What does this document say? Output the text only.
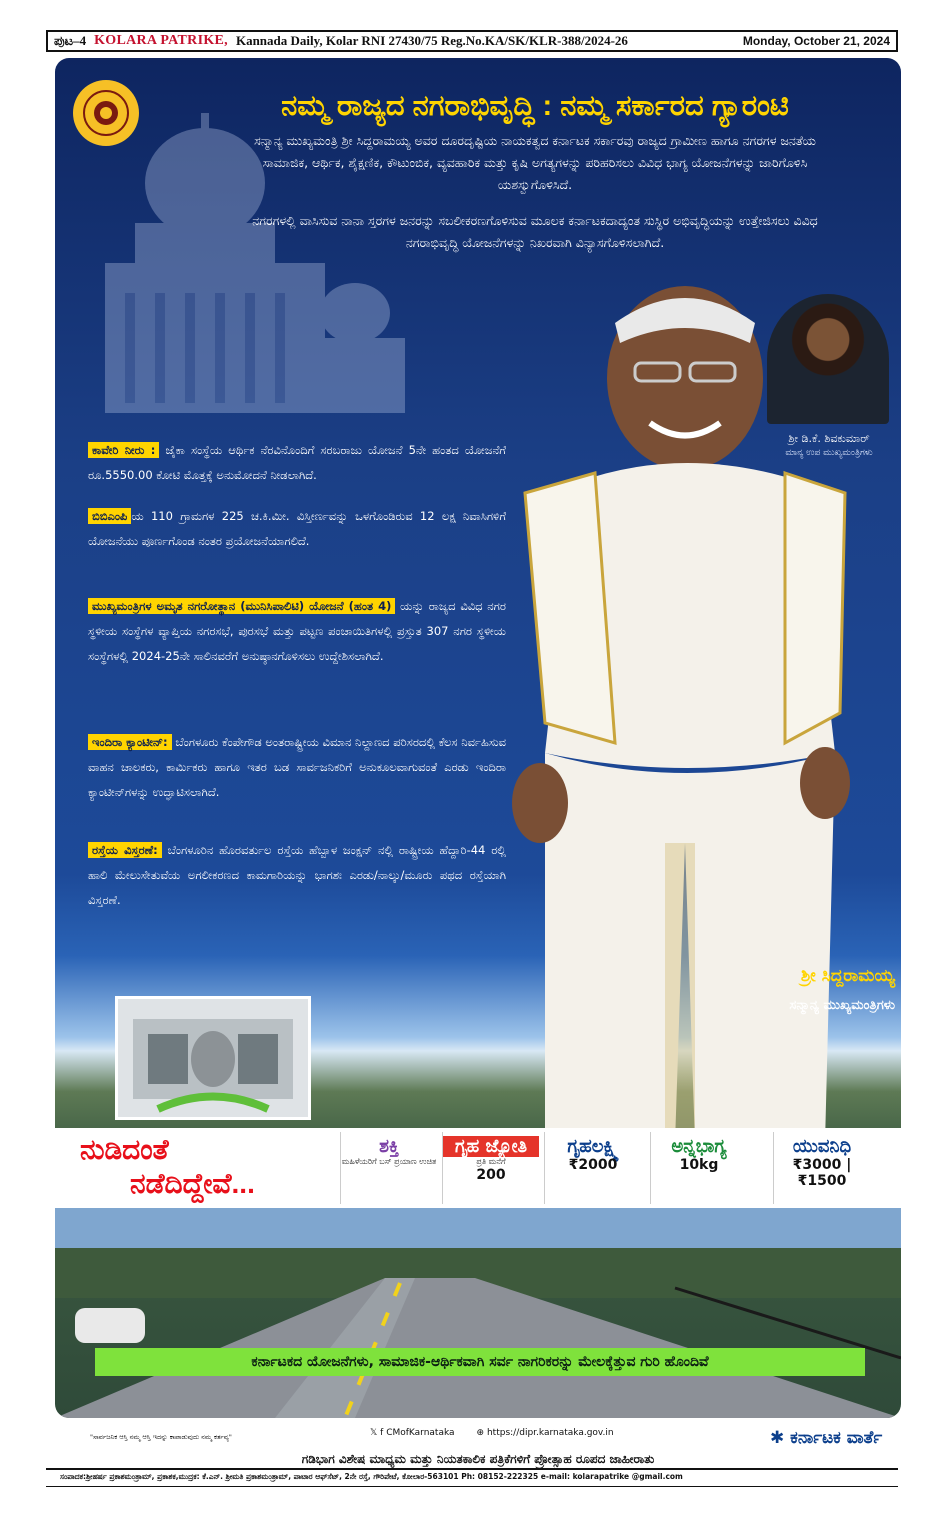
ಪುಟ–4 KOLARA PATRIKE, Kannada Daily, Kolar RNI 27430/75 Reg.No.KA/SK/KLR-388/2024-26	Monday, October 21, 2024
ನಮ್ಮ ರಾಜ್ಯದ ನಗರಾಭಿವೃದ್ಧಿ : ನಮ್ಮ ಸರ್ಕಾರದ ಗ್ಯಾರಂಟಿ
ಸನ್ಮಾನ್ಯ ಮುಖ್ಯಮಂತ್ರಿ ಶ್ರೀ ಸಿದ್ದರಾಮಯ್ಯ ಅವರ ದೂರದೃಷ್ಟಿಯ ನಾಯಕತ್ವದ ಕರ್ನಾಟಕ ಸರ್ಕಾರವು ರಾಜ್ಯದ ಗ್ರಾಮೀಣ ಹಾಗೂ ನಗರಗಳ ಜನತೆಯ ಸಾಮಾಜಿಕ, ಆರ್ಥಿಕ, ಶೈಕ್ಷಣಿಕ, ಕೌಟುಂಬಿಕ, ವ್ಯವಹಾರಿಕ ಮತ್ತು ಕೃಷಿ ಅಗತ್ಯಗಳನ್ನು ಪರಿಹರಿಸಲು ವಿವಿಧ ಭಾಗ್ಯ ಯೋಜನೆಗಳನ್ನು ಜಾರಿಗೊಳಿಸಿ ಯಶಸ್ವುಗೊಳಿಸಿದೆ.
ನಗರಗಳಲ್ಲಿ ವಾಸಿಸುವ ನಾನಾ ಸ್ತರಗಳ ಜನರನ್ನು ಸಬಲೀಕರಣಗೊಳಿಸುವ ಮೂಲಕ ಕರ್ನಾಟಕದಾದ್ಯಂತ ಸುಸ್ಥಿರ ಅಭಿವೃದ್ಧಿಯನ್ನು ಉತ್ತೇಜಿಸಲು ವಿವಿಧ ನಗರಾಭಿವೃದ್ಧಿ ಯೋಜನೆಗಳನ್ನು ನಿಖರವಾಗಿ ವಿನ್ಯಾಸಗೊಳಿಸಲಾಗಿದೆ.
ಶ್ರೀ ಡಿ.ಕೆ. ಶಿವಕುಮಾರ್
ಮಾನ್ಯ ಉಪ ಮುಖ್ಯಮಂತ್ರಿಗಳು
ಕಾವೇರಿ ನೀರು : ಜೈಕಾ ಸಂಸ್ಥೆಯ ಆರ್ಥಿಕ ನೆರವಿನೊಂದಿಗೆ ಸರಬರಾಜು ಯೋಜನೆ 5ನೇ ಹಂತದ ಯೋಜನೆಗೆ ರೂ.5550.00 ಕೋಟಿ ಮೊತ್ತಕ್ಕೆ ಅನುಮೋದನೆ ನೀಡಲಾಗಿದೆ.
ಬಿಬಿಎಂಪಿ ಯ 110 ಗ್ರಾಮಗಳ 225 ಚ.ಕಿ.ಮೀ. ವಿಸ್ತೀರ್ಣವನ್ನು ಒಳಗೊಂಡಿರುವ 12 ಲಕ್ಷ ನಿವಾಸಿಗಳಿಗೆ ಯೋಜನೆಯು ಪೂರ್ಣಗೊಂಡ ನಂತರ ಪ್ರಯೋಜನೆಯಾಗಲಿದೆ.
ಮುಖ್ಯಮಂತ್ರಿಗಳ ಅಮೃತ ನಗರೋತ್ಥಾನ (ಮುನಿಸಿಪಾಲಿಟಿ) ಯೋಜನೆ (ಹಂತ 4) ಯನ್ನು ರಾಜ್ಯದ ವಿವಿಧ ನಗರ ಸ್ಥಳೀಯ ಸಂಸ್ಥೆಗಳ ವ್ಯಾಪ್ತಿಯ ನಗರಸಭೆ, ಪುರಸಭೆ ಮತ್ತು ಪಟ್ಟಣ ಪಂಚಾಯಿತಿಗಳಲ್ಲಿ ಪ್ರಸ್ತುತ 307 ನಗರ ಸ್ಥಳೀಯ ಸಂಸ್ಥೆಗಳಲ್ಲಿ 2024-25ನೇ ಸಾಲಿನವರೆಗೆ ಅನುಷ್ಠಾನಗೊಳಿಸಲು ಉದ್ದೇಶಿಸಲಾಗಿದೆ.
ಇಂದಿರಾ ಕ್ಯಾಂಟೀನ್: ಬೆಂಗಳೂರು ಕೆಂಪೇಗೌಡ ಅಂತರಾಷ್ಟ್ರೀಯ ವಿಮಾನ ನಿಲ್ದಾಣದ ಪರಿಸರದಲ್ಲಿ ಕೆಲಸ ನಿರ್ವಹಿಸುವ ವಾಹನ ಚಾಲಕರು, ಕಾರ್ಮಿಕರು ಹಾಗೂ ಇತರ ಬಡ ಸಾರ್ವಜನಿಕರಿಗೆ ಅನುಕೂಲವಾಗುವಂತೆ ಎರಡು ಇಂದಿರಾ ಕ್ಯಾಂಟೀನ್‌ಗಳನ್ನು ಉದ್ಘಾಟಿಸಲಾಗಿದೆ.
ರಸ್ತೆಯ ವಿಸ್ತರಣೆ: ಬೆಂಗಳೂರಿನ ಹೊರವರ್ತುಲ ರಸ್ತೆಯ ಹೆಬ್ಬಾಳ ಜಂಕ್ಷನ್ ನಲ್ಲಿ ರಾಷ್ಟ್ರೀಯ ಹೆದ್ದಾರಿ-44 ರಲ್ಲಿ ಹಾಲಿ ಮೇಲುಸೇತುವೆಯ ಅಗಲೀಕರಣದ ಕಾಮಗಾರಿಯನ್ನು ಭಾಗಶಃ ಎರಡು/ನಾಲ್ಕು/ಮೂರು ಪಥದ ರಸ್ತೆಯಾಗಿ ವಿಸ್ತರಣೆ.
ಶ್ರೀ ಸಿದ್ದರಾಮಯ್ಯ
ಸನ್ಮಾನ್ಯ ಮುಖ್ಯಮಂತ್ರಿಗಳು
ನುಡಿದಂತೆ
ನಡೆದಿದ್ದೇವೆ...
ಶಕ್ತಿ
ಮಹಿಳೆಯರಿಗೆ ಬಸ್ ಪ್ರಯಾಣ ಉಚಿತ
ಗೃಹ ಜ್ಯೋತಿ
ಪ್ರತಿ ಮನೆಗೆ
200
ಗೃಹಲಕ್ಷ್ಮಿ
₹2000
ಅನ್ನಭಾಗ್ಯ
10kg
ಯುವನಿಧಿ
₹3000 | ₹1500
ಕರ್ನಾಟಕದ ಯೋಜನೆಗಳು, ಸಾಮಾಜಿಕ-ಆರ್ಥಿಕವಾಗಿ ಸರ್ವ ನಾಗರಿಕರನ್ನು ಮೇಲಕ್ಕೆತ್ತುವ ಗುರಿ ಹೊಂದಿವೆ
"ಸಾರ್ವಜನಿಕ ಆಸ್ತಿ ನಮ್ಮ ಆಸ್ತಿ ಇದನ್ನು ಕಾಪಾಡುವುದು ನಮ್ಮ ಕರ್ತವ್ಯ"	𝕏 f CMofKarnataka ⊕ https://dipr.karnataka.gov.in	✱ ಕರ್ನಾಟಕ ವಾರ್ತೆ
ಗಡಿಭಾಗ ವಿಶೇಷ ಮಾಧ್ಯಮ ಮತ್ತು ನಿಯತಕಾಲಿಕ ಪತ್ರಿಕೆಗಳಿಗೆ ಪ್ರೋತ್ಸಾಹ ರೂಪದ ಜಾಹೀರಾತು
ಸಂಪಾದಕ:ಶ್ರೀಹರ್ಷ ಪ್ರಕಾಶಮಂತ್ರಾಮ್, ಪ್ರಕಾಶಕ,ಮುದ್ರಕ: ಕೆ.ಎನ್. ಶ್ರೀಮತಿ ಪ್ರಕಾಶಮಂತ್ರಾಮ್, ಪಾಟಾರ ಆಫ್‌ಸೆಟ್, 2ನೇ ರಸ್ತೆ, ಗೌರಿಪೇಟೆ, ಕೋಲಾರ-563101 Ph: 08152-222325 e-mail: kolarapatrike @gmail.com
